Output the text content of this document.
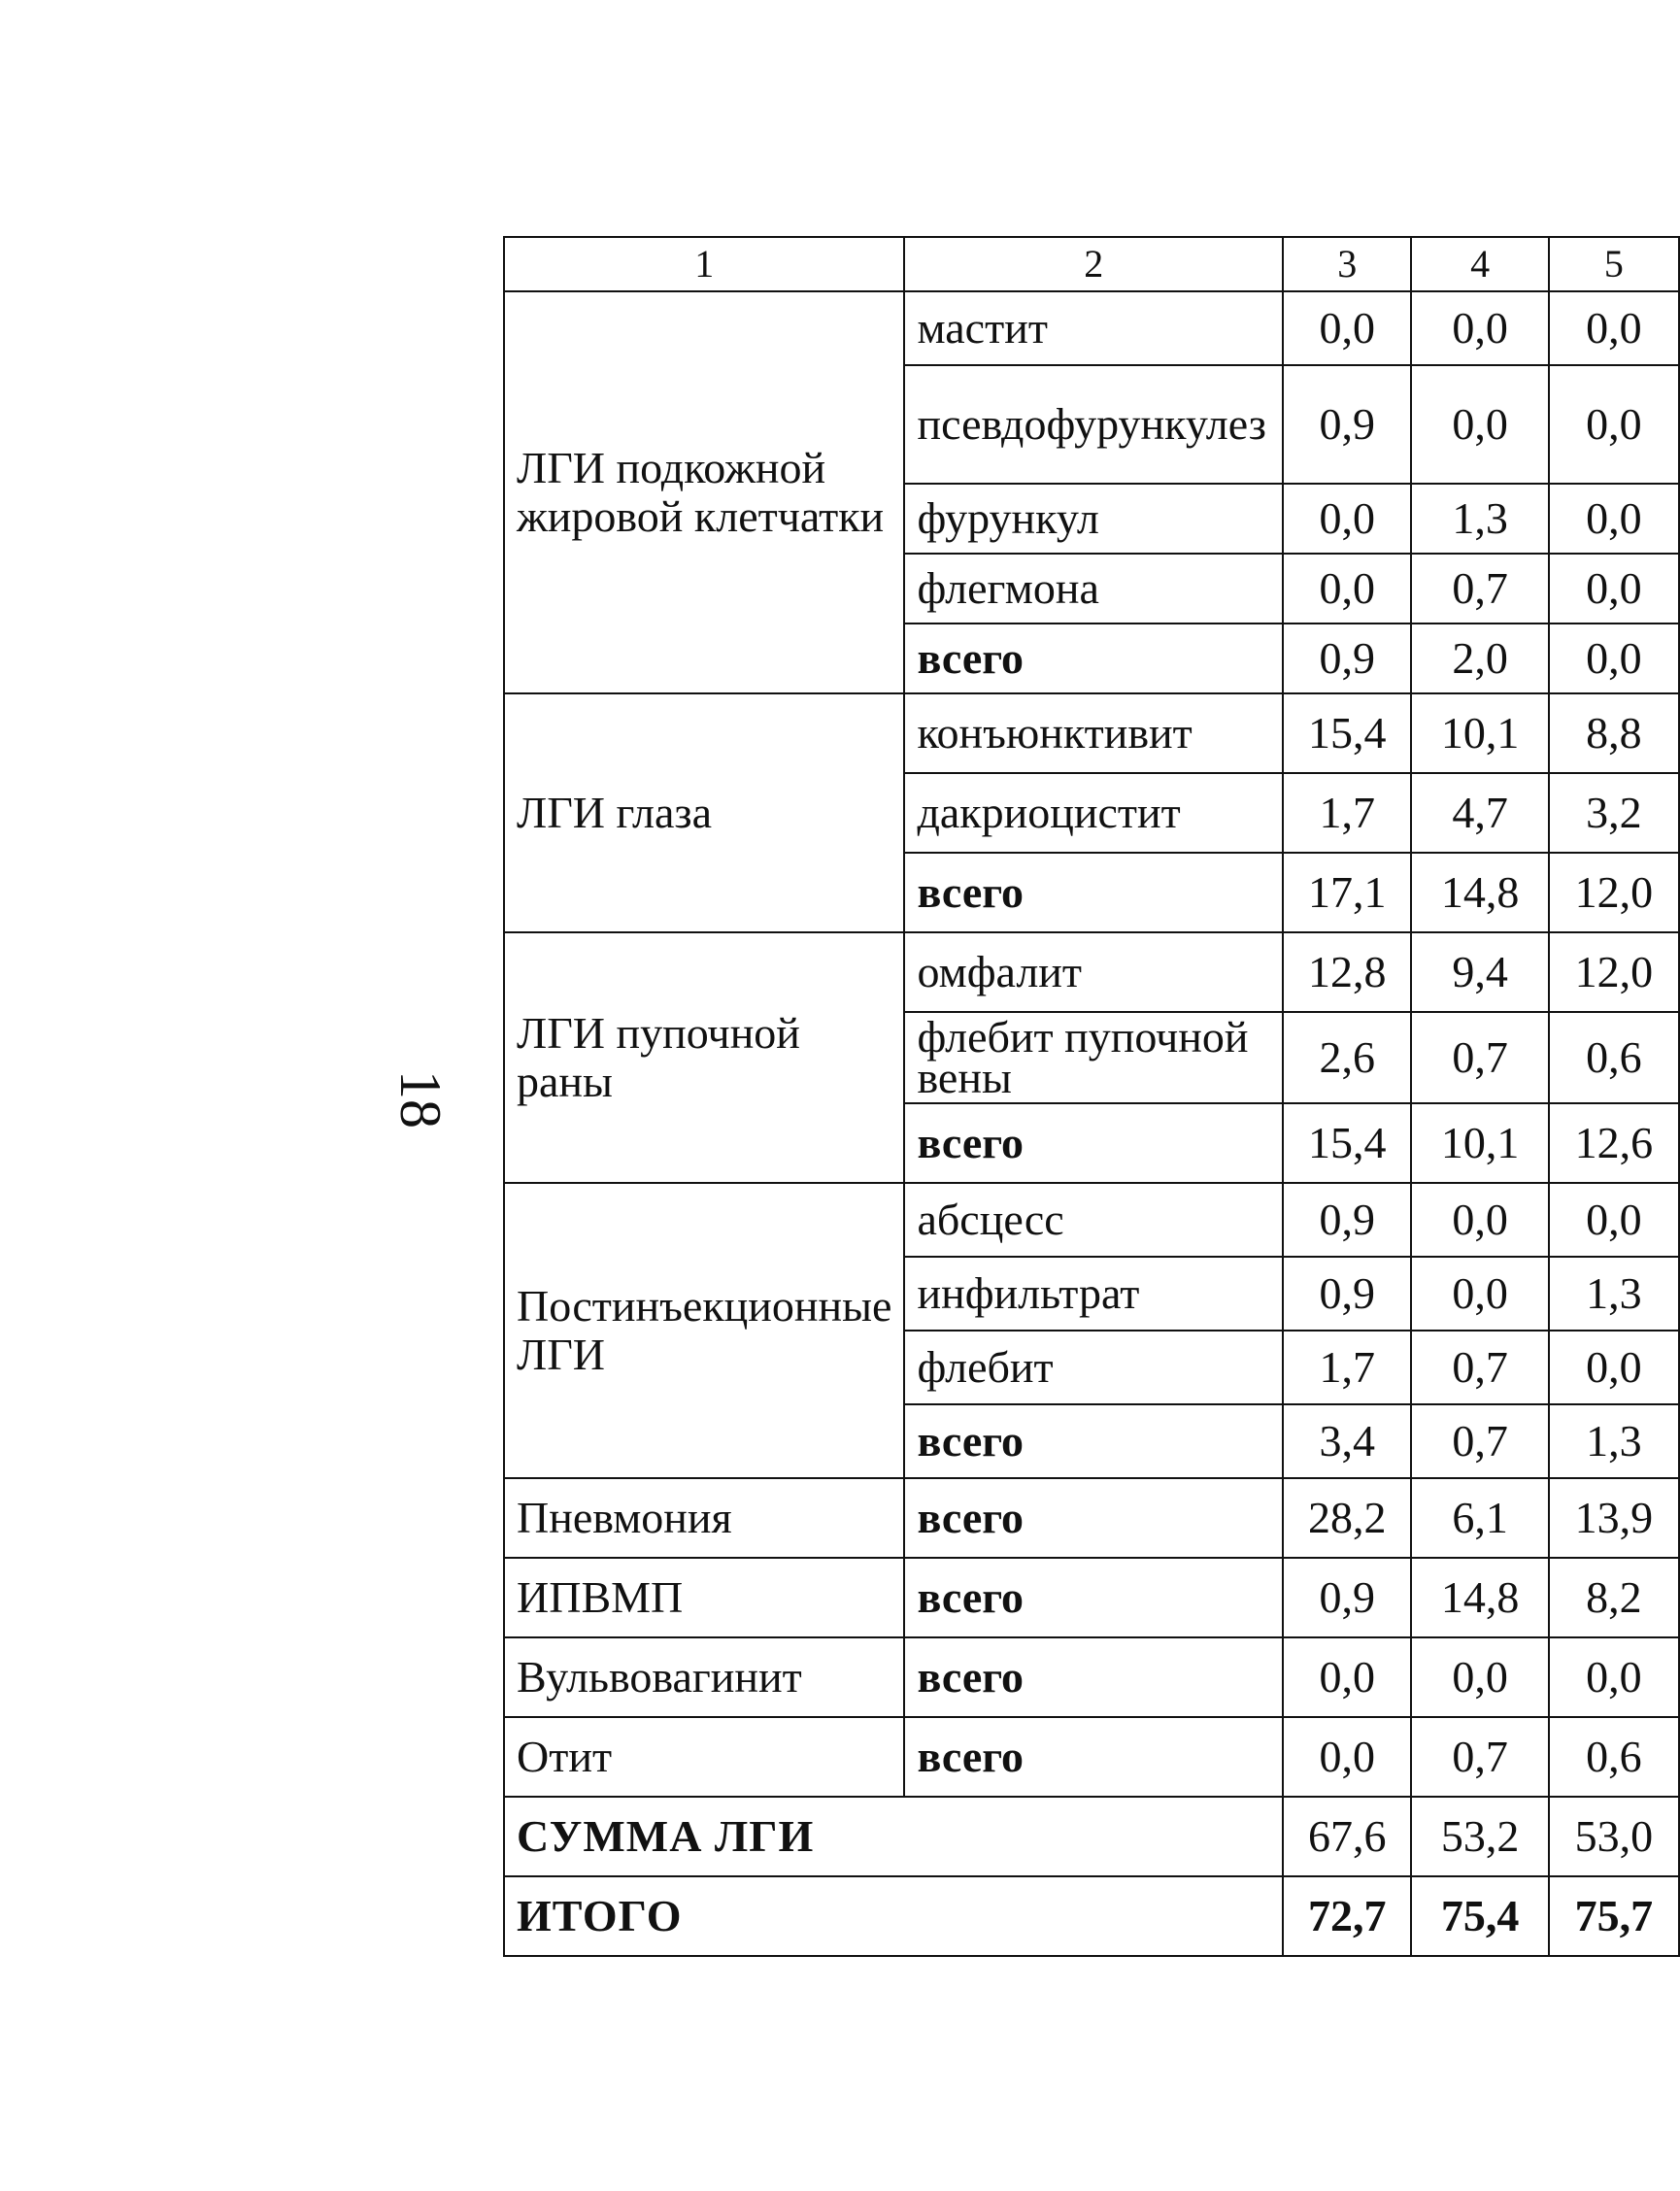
18
1	2	3	4	5
ЛГИ подкожной жировой клетчатки	мастит	0,0	0,0	0,0
	псевдофурункулез	0,9	0,0	0,0
	фурункул	0,0	1,3	0,0
	флегмона	0,0	0,7	0,0
	всего	0,9	2,0	0,0
ЛГИ глаза	конъюнктивит	15,4	10,1	8,8
	дакриоцистит	1,7	4,7	3,2
	всего	17,1	14,8	12,0
ЛГИ пупочной раны	омфалит	12,8	9,4	12,0
	флебит пупочной вены	2,6	0,7	0,6
	всего	15,4	10,1	12,6
Постинъекционные ЛГИ	абсцесс	0,9	0,0	0,0
	инфильтрат	0,9	0,0	1,3
	флебит	1,7	0,7	0,0
	всего	3,4	0,7	1,3
Пневмония	всего	28,2	6,1	13,9
ИПВМП	всего	0,9	14,8	8,2
Вульвовагинит	всего	0,0	0,0	0,0
Отит	всего	0,0	0,7	0,6
СУММА ЛГИ		67,6	53,2	53,0
ИТОГО		72,7	75,4	75,7
